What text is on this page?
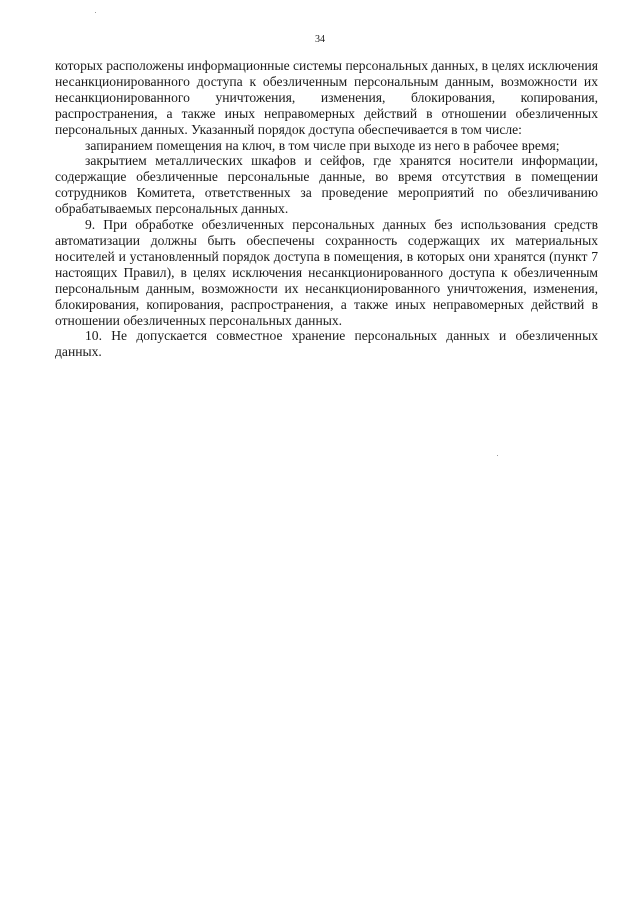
34

которых расположены информационные системы персональных данных, в целях исключения несанкционированного доступа к обезличенным персональным данным, возможности их несанкционированного уничтожения, изменения, блокирования, копирования, распространения, а также иных неправомерных действий в отношении обезличенных персональных данных. Указанный порядок доступа обеспечивается в том числе:

запиранием помещения на ключ, в том числе при выходе из него в рабочее время;

закрытием металлических шкафов и сейфов, где хранятся носители информации, содержащие обезличенные персональные данные, во время отсутствия в помещении сотрудников Комитета, ответственных за проведение мероприятий по обезличиванию обрабатываемых персональных данных.

9. При обработке обезличенных персональных данных без использования средств автоматизации должны быть обеспечены сохранность содержащих их материальных носителей и установленный порядок доступа в помещения, в которых они хранятся (пункт 7 настоящих Правил), в целях исключения несанкционированного доступа к обезличенным персональным данным, возможности их несанкционированного уничтожения, изменения, блокирования, копирования, распространения, а также иных неправомерных действий в отношении обезличенных персональных данных.

10. Не допускается совместное хранение персональных данных и обезличенных данных.
